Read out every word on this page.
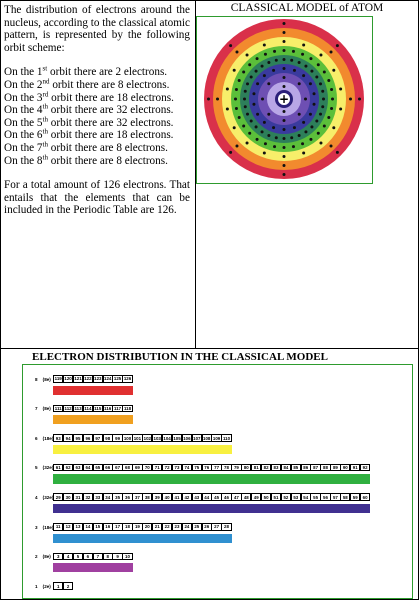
The distribution of electrons around the nucleus, according to the classical atomic pattern, is represented by the following orbit scheme:

On the 1st orbit there are 2 electrons.

On the 2nd orbit there are 8 electrons.

On the 3rd orbit there are 18 electrons.

On the 4th orbit there are 32 electrons.

On the 5th orbit there are 32 electrons.

On the 6th orbit there are 18 electrons.

On the 7th orbit there are 8 electrons.

On the 8th orbit there are 8 electrons.

For a total amount of 126 electrons. That entails that the elements that can be included in the Periodic Table are 126.

CLASSICAL MODEL of ATOM
+
ELECTRON DISTRIBUTION IN THE CLASSICAL MODEL
8 (8e) 119 120 121 122 123 124 125 126
7 (8e) 111 112 113 114 115 116 117 118
6 (18e) 93	94	95	96	97	98	99 100 101 102 103 104 105 106 107 108 109 110
5 (32e) 61	62	63	64	65	66	67	68	69	70	71	72	73	74	75	76	77	78	79	80	81	82	83	84	85	86	87	88	89	90	91	92
4 (32e) 29	30	31	32	33	34	35	36	37	38	39	40	41	42	43	44	45	46	47	48	49	50	51	52	53	54	55	56	57	58	59	60
3 (18e) 11	12	13	14	15	16	17	18	19	20	21	22	23	24	25	26	27	28
2 (8e)	3	4	5	6	7	8	9	10
1 (2e)	1	2
